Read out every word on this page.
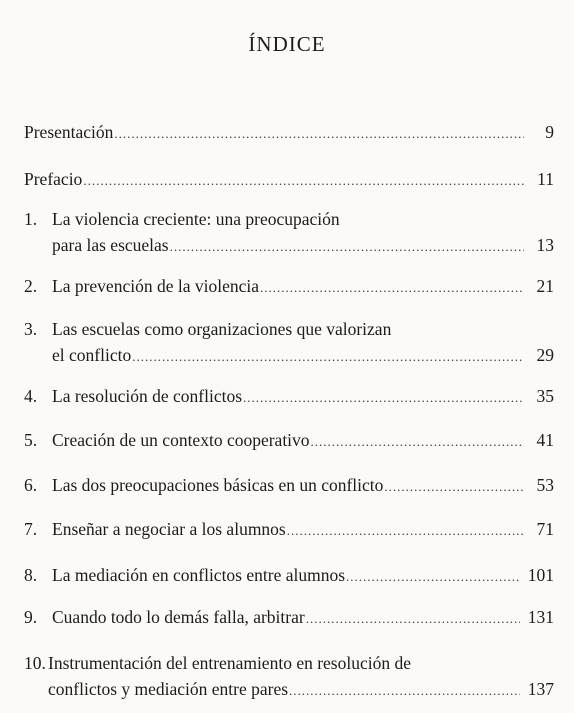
ÍNDICE
Presentación .....	9
Prefacio .....	11
1. La violencia creciente: una preocupación
para las escuelas .....	13
2. La prevención de la violencia .....	21
3. Las escuelas como organizaciones que valorizan
el conflicto .....	29
4. La resolución de conflictos .....	35
5. Creación de un contexto cooperativo .....	41
6. Las dos preocupaciones básicas en un conflicto .....	53
7. Enseñar a negociar a los alumnos .....	71
8. La mediación en conflictos entre alumnos .....	101
9. Cuando todo lo demás falla, arbitrar .....	131
10. Instrumentación del entrenamiento en resolución de
conflictos y mediación entre pares .....	137
